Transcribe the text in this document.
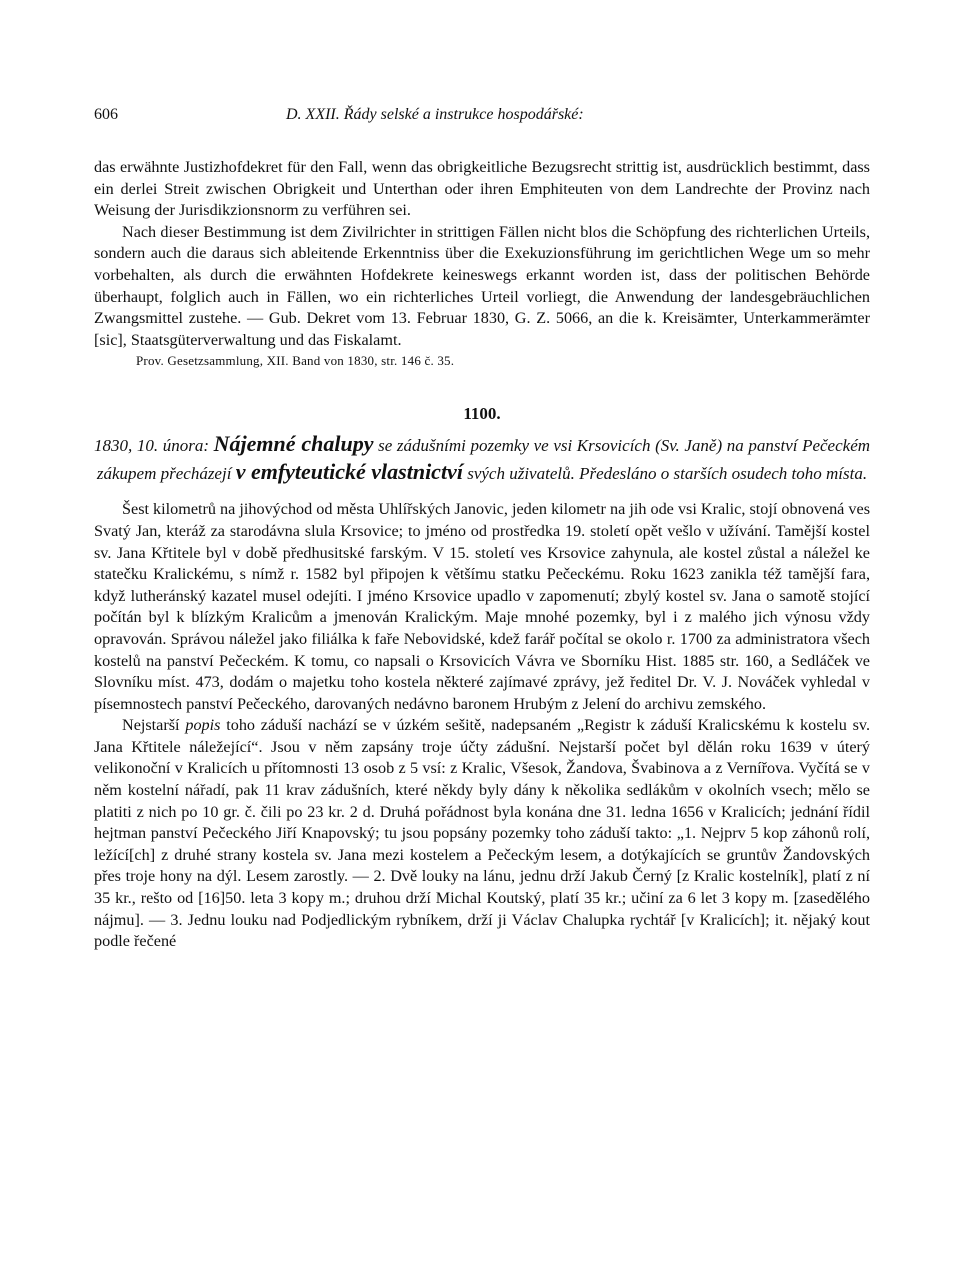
606	D. XXII. Řády selské a instrukce hospodářské:

das erwähnte Justizhofdekret für den Fall, wenn das obrigkeitliche Bezugsrecht strittig ist, ausdrücklich bestimmt, dass ein derlei Streit zwischen Obrigkeit und Unterthan oder ihren Emphiteuten von dem Landrechte der Provinz nach Weisung der Jurisdikzionsnorm zu verführen sei.

Nach dieser Bestimmung ist dem Zivilrichter in strittigen Fällen nicht blos die Schöpfung des richterlichen Urteils, sondern auch die daraus sich ableitende Erkenntniss über die Exekuzionsführung im gerichtlichen Wege um so mehr vorbehalten, als durch die erwähnten Hofdekrete keineswegs erkannt worden ist, dass der politischen Behörde überhaupt, folglich auch in Fällen, wo ein richterliches Urteil vorliegt, die Anwendung der landesgebräuchlichen Zwangsmittel zustehe. — Gub. Dekret vom 13. Februar 1830, G. Z. 5066, an die k. Kreisämter, Unterkammerämter [sic], Staatsgüterverwaltung und das Fiskalamt.

Prov. Gesetzsammlung, XII. Band von 1830, str. 146 č. 35.

1100.

1830, 10. února: Nájemné chalupy se zádušními pozemky ve vsi Krsovicích (Sv. Janě) na panství Pečeckém zákupem přecházejí v emfyteutické vlastnictví svých uživatelů. Předesláno o starších osudech toho místa.

Šest kilometrů na jihovýchod od města Uhlířských Janovic, jeden kilometr na jih ode vsi Kralic, stojí obnovená ves Svatý Jan, kteráž za starodávna slula Krsovice; to jméno od prostředka 19. století opět vešlo v užívání. Tamější kostel sv. Jana Křtitele byl v době předhusitské farským. V 15. století ves Krsovice zahynula, ale kostel zůstal a náležel ke statečku Kralickému, s nímž r. 1582 byl připojen k většímu statku Pečeckému. Roku 1623 zanikla též tamější fara, když lutheránský kazatel musel odejíti. I jméno Krsovice upadlo v zapomenutí; zbylý kostel sv. Jana o samotě stojící počítán byl k blízkým Kralicům a jmenován Kralickým. Maje mnohé pozemky, byl i z malého jich výnosu vždy opravován. Správou náležel jako filiálka k faře Nebovidské, kdež farář počítal se okolo r. 1700 za administratora všech kostelů na panství Pečeckém. K tomu, co napsali o Krsovicích Vávra ve Sborníku Hist. 1885 str. 160, a Sedláček ve Slovníku míst. 473, dodám o majetku toho kostela některé zajímavé zprávy, jež ředitel Dr. V. J. Nováček vyhledal v písemnostech panství Pečeckého, darovaných nedávno baronem Hrubým z Jelení do archivu zemského.

Nejstarší popis toho záduší nachází se v úzkém sešitě, nadepsaném „Registr k záduší Kralicskému k kostelu sv. Jana Křtitele náležející“. Jsou v něm zapsány troje účty zádušní. Nejstarší počet byl dělán roku 1639 v úterý velikonoční v Kralicích u přítomnosti 13 osob z 5 vsí: z Kralic, Všesok, Žandova, Švabinova a z Vernířova. Vyčítá se v něm kostelní nářadí, pak 11 krav zádušních, které někdy byly dány k několika sedlákům v okolních vsech; mělo se platiti z nich po 10 gr. č. čili po 23 kr. 2 d. Druhá pořádnost byla konána dne 31. ledna 1656 v Kralicích; jednání řídil hejtman panství Pečeckého Jiří Knapovský; tu jsou popsány pozemky toho záduší takto: „1. Nejprv 5 kop záhonů rolí, ležící[ch] z druhé strany kostela sv. Jana mezi kostelem a Pečeckým lesem, a dotýkajících se gruntův Žandovských přes troje hony na dýl. Lesem zarostly. — 2. Dvě louky na lánu, jednu drží Jakub Černý [z Kralic kostelník], platí z ní 35 kr., rešto od [16]50. leta 3 kopy m.; druhou drží Michal Koutský, platí 35 kr.; učiní za 6 let 3 kopy m. [zasedělého nájmu]. — 3. Jednu louku nad Podjedlickým rybníkem, drží ji Václav Chalupka rychtář [v Kralicích]; it. nějaký kout podle řečené
